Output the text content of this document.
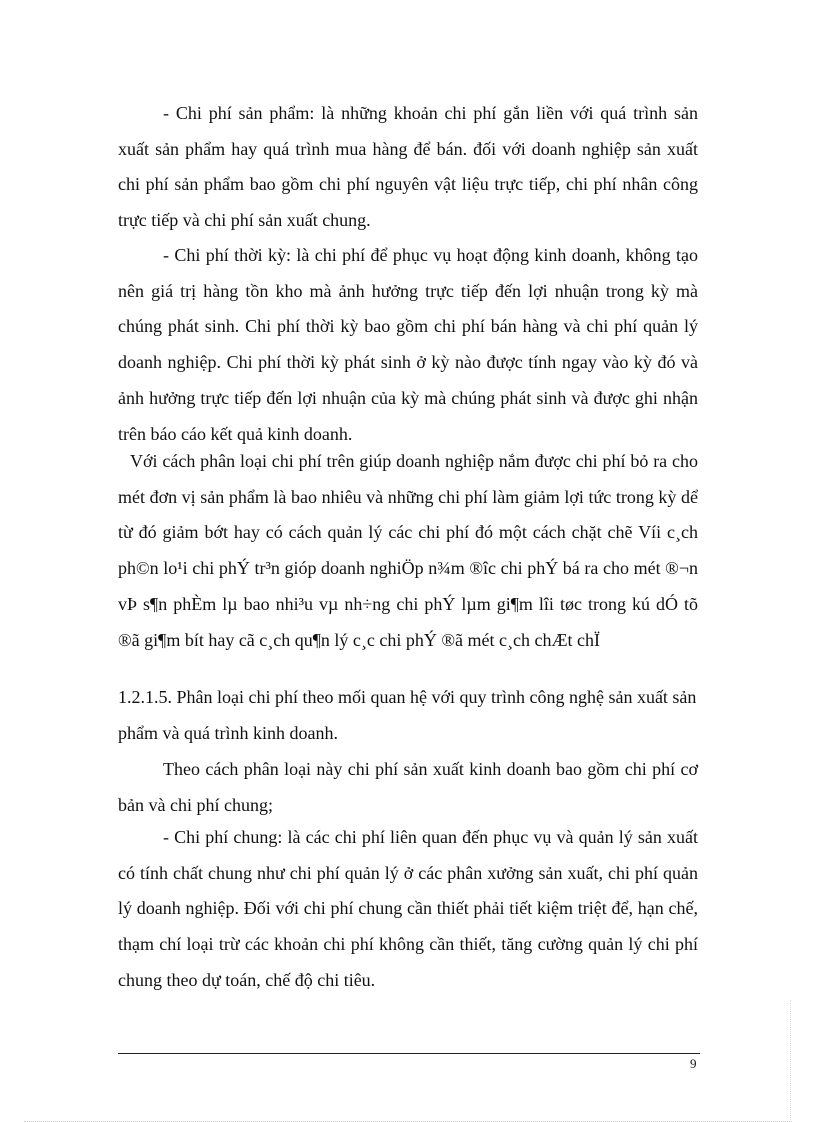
- Chi phí sản phẩm: là những khoản chi phí gắn liền với quá trình sản xuất sản phẩm hay quá trình mua hàng để bán. đối với doanh nghiệp sản xuất chi phí sản phẩm bao gồm chi phí nguyên vật liệu trực tiếp, chi phí nhân công trực tiếp và chi phí sản xuất chung.

- Chi phí thời kỳ: là chi phí để phục vụ hoạt động kinh doanh, không tạo nên giá trị hàng tồn kho mà ảnh hưởng trực tiếp đến lợi nhuận trong kỳ mà chúng phát sinh. Chi phí thời kỳ bao gồm chi phí bán hàng và chi phí quản lý doanh nghiệp. Chi phí thời kỳ phát sinh ở kỳ nào được tính ngay vào kỳ đó và ảnh hưởng trực tiếp đến lợi nhuận của kỳ mà chúng phát sinh và được ghi nhận trên báo cáo kết quả kinh doanh.

Với cách phân loại chi phí trên giúp doanh nghiệp nắm được chi phí bỏ ra cho mét đơn vị sản phẩm là bao nhiêu và những chi phí làm giảm lợi tức trong kỳ dể từ đó giảm bớt hay có cách quản lý các chi phí đó một cách chặt chẽ Víi c¸ch ph©n lo¹i chi phÝ tr³n gióp doanh nghiÖp n¾m ®îc chi phÝ bá ra cho mét ®¬n vÞ s¶n phÈm lµ bao nhi³u vµ nh÷ng chi phÝ lµm gi¶m lîi tøc trong kú dÓ tõ ®ã gi¶m bít hay cã c¸ch qu¶n lý c¸c chi phÝ ®ã mét c¸ch chÆt chÏ

1.2.1.5. Phân loại chi phí theo mối quan hệ với quy trình công nghệ sản xuất sản phẩm và quá trình kinh doanh.

Theo cách phân loại này chi phí sản xuất kinh doanh bao gồm chi phí cơ bản và chi phí chung;

- Chi phí chung: là các chi phí liên quan đến phục vụ và quản lý sản xuất có tính chất chung như chi phí quản lý ở các phân xưởng sản xuất, chi phí quản lý doanh nghiệp. Đối với chi phí chung cần thiết phải tiết kiệm triệt để, hạn chế, thạm chí loại trừ các khoản chi phí không cần thiết, tăng cường quản lý chi phí chung theo dự toán, chế độ chi tiêu.

9
